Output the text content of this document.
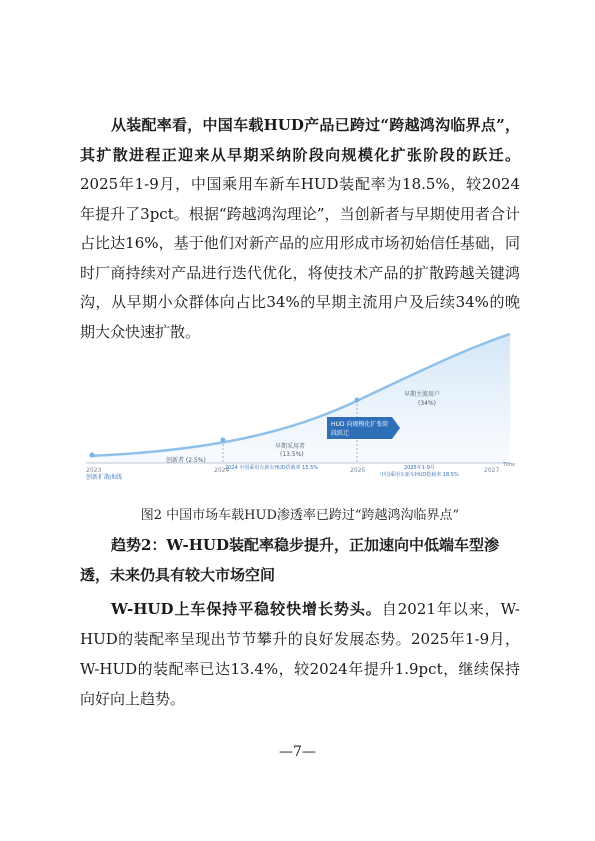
从装配率看，中国车载HUD产品已跨过“跨越鸿沟临界点”，其扩散进程正迎来从早期采纳阶段向规模化扩张阶段的跃迁。2025年1-9月，中国乘用车新车HUD装配率为18.5%，较2024年提升了3pct。根据“跨越鸿沟理论”，当创新者与早期使用者合计占比达16%，基于他们对新产品的应用形成市场初始信任基础，同时厂商持续对产品进行迭代优化，将使技术产品的扩散跨越关键鸿沟，从早期小众群体向占比34%的早期主流用户及后续34%的晚期大众快速扩散。
2023	2024	2025	2027
Time
创新者 (2.5%)
早期采用者
(13.5%)
早期主流用户
(34%)
HUD 向规模化扩张阶
段跃迁
创新扩散曲线
2024 中国乘用车新车HUD搭载率 15.5%	2025年1-9月
中国乘用车新车HUD搭载率 18.5%
图2 中国市场车载HUD渗透率已跨过“跨越鸿沟临界点”
趋势2：W-HUD装配率稳步提升，正加速向中低端车型渗透，未来仍具有较大市场空间
W-HUD上车保持平稳较快增长势头。自2021年以来，W-HUD的装配率呈现出节节攀升的良好发展态势。2025年1-9月，W-HUD的装配率已达13.4%，较2024年提升1.9pct，继续保持向好向上趋势。
—7—
